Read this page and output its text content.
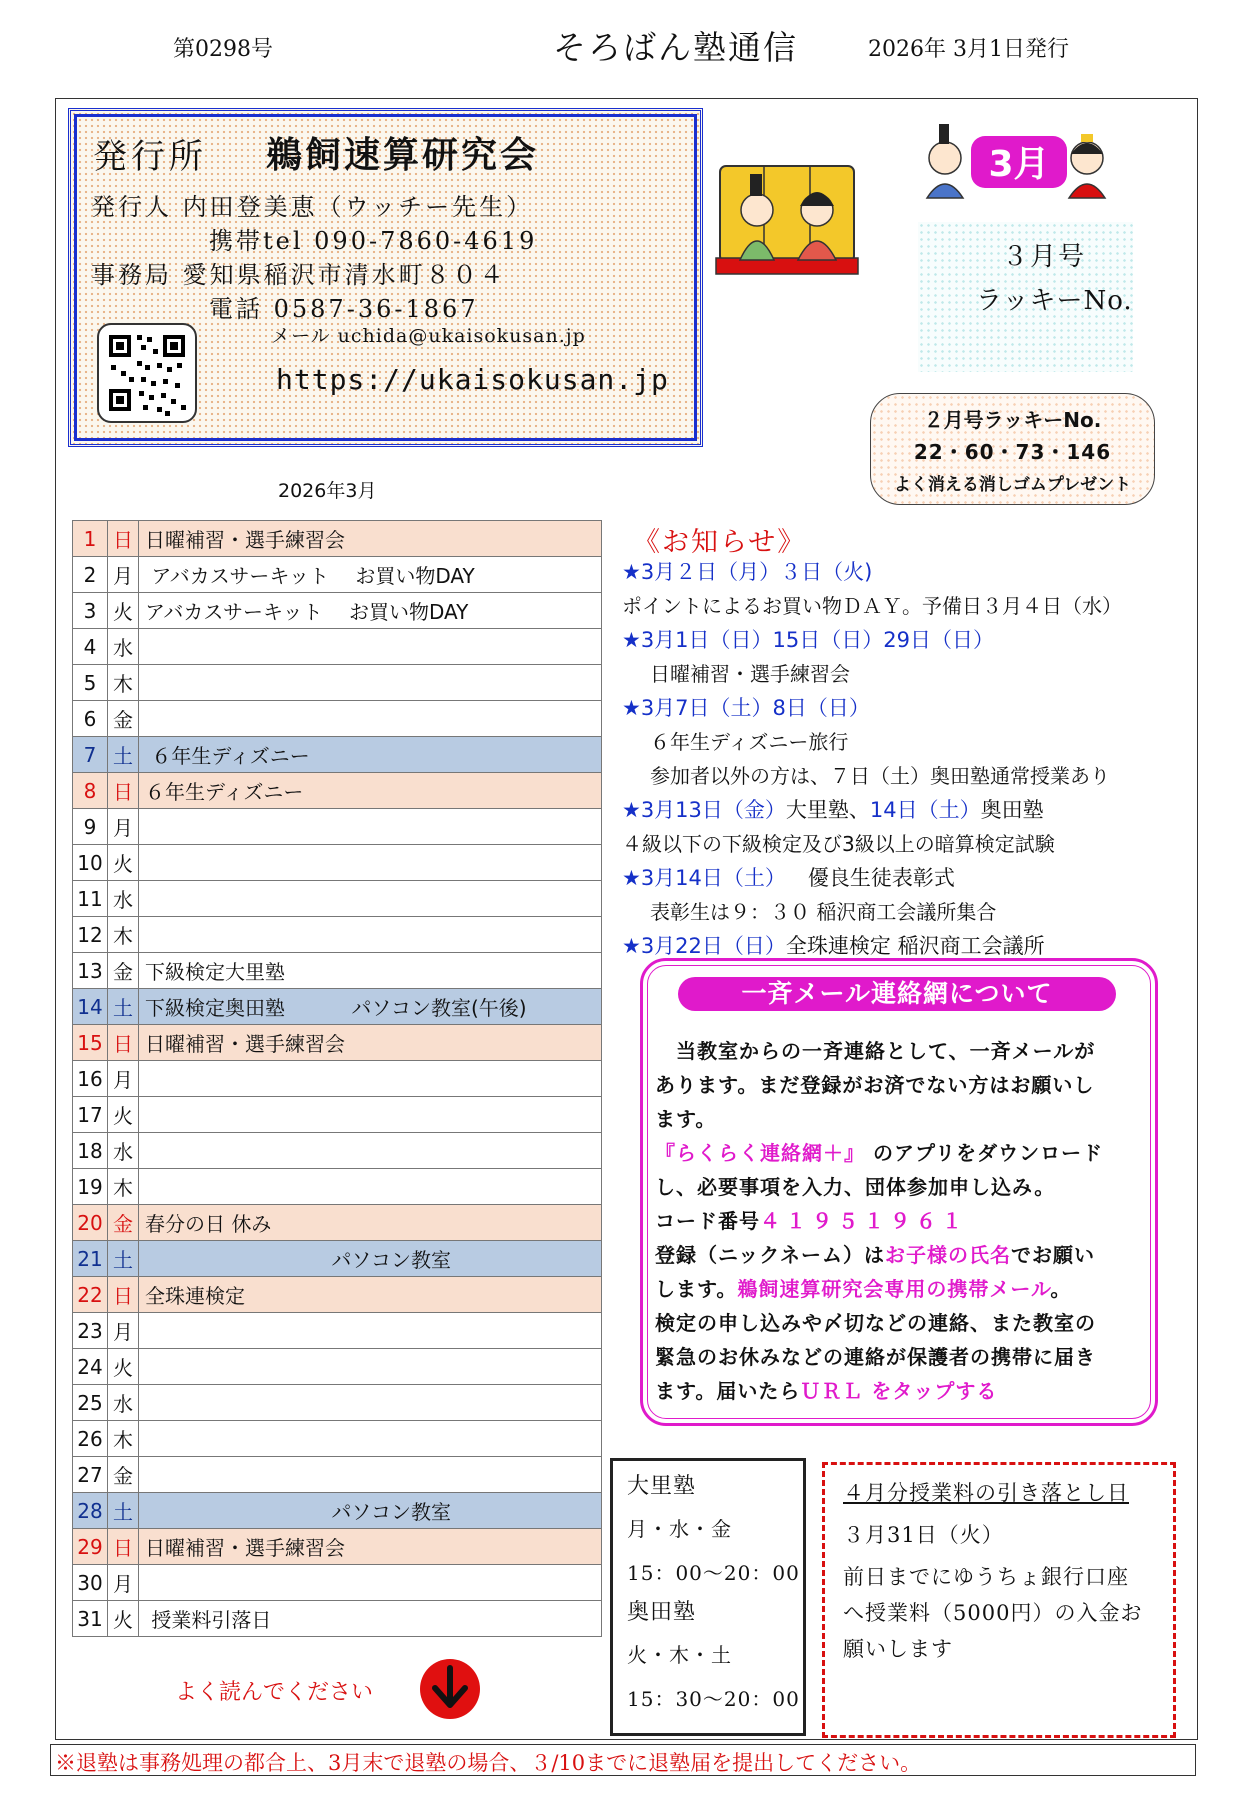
第0298号	そろばん塾通信	2026年 3月1日発行
発行所 鵜飼速算研究会
発行人 内田登美恵（ウッチー先生）
携帯tel 090-7860-4619
事務局 愛知県稲沢市清水町８０４
電話 0587-36-1867
メール uchida@ukaisokusan.jp
https://ukaisokusan.jp
3月
３月号
ラッキーNo.
２月号ラッキーNo.
22・60・73・146
よく消える消しゴムプレゼント
2026年3月
1	日	日曜補習・選手練習会
2	月	アバカスサーキット　 お買い物DAY
3	火	アバカスサーキット　 お買い物DAY
4	水	
5	木	
6	金	
7	土	６年生ディズニー
8	日	６年生ディズニー
9	月	
10	火	
11	水	
12	木	
13	金	下級検定大里塾
14	土	下級検定奥田塾　　　 パソコン教室(午後)
15	日	日曜補習・選手練習会
16	月	
17	火	
18	水	
19	木	
20	金	春分の日 休み
21	土	　　　　　　　　　 パソコン教室
22	日	全珠連検定
23	月	
24	火	
25	水	
26	木	
27	金	
28	土	　　　　　　　　　 パソコン教室
29	日	日曜補習・選手練習会
30	月	
31	火	授業料引落日
よく読んでください
《お知らせ》
★3月２日（月）３日（火)
ポイントによるお買い物ＤＡＹ。予備日３月４日（水）
★3月1日（日）15日（日）29日（日）
日曜補習・選手練習会
★3月7日（土）8日（日）
６年生ディズニー旅行
参加者以外の方は、７日（土）奥田塾通常授業あり
★3月13日（金）大里塾、14日（土）奥田塾
４級以下の下級検定及び3級以上の暗算検定試験
★3月14日（土） 優良生徒表彰式
表彰生は９：３０ 稲沢商工会議所集合
★3月22日（日）全珠連検定 稲沢商工会議所
一斉メール連絡網について
　当教室からの一斉連絡として、一斉メールが
あります。まだ登録がお済でない方はお願いし
ます。
『らくらく連絡網＋』 のアプリをダウンロード
し、必要事項を入力、団体参加申し込み。
コード番号４１９５１９６１
登録（ニックネーム）はお子様の氏名でお願い
します。鵜飼速算研究会専用の携帯メール。
検定の申し込みや〆切などの連絡、また教室の
緊急のお休みなどの連絡が保護者の携帯に届き
ます。届いたらＵＲＬ をタップする
大里塾
月・水・金
15：00～20：00
奥田塾
火・木・土
15：30～20：00
４月分授業料の引き落とし日
３月31日（火）
前日までにゆうちょ銀行口座
へ授業料（5000円）の入金お
願いします
※退塾は事務処理の都合上、3月末で退塾の場合、３/10までに退塾届を提出してください。
